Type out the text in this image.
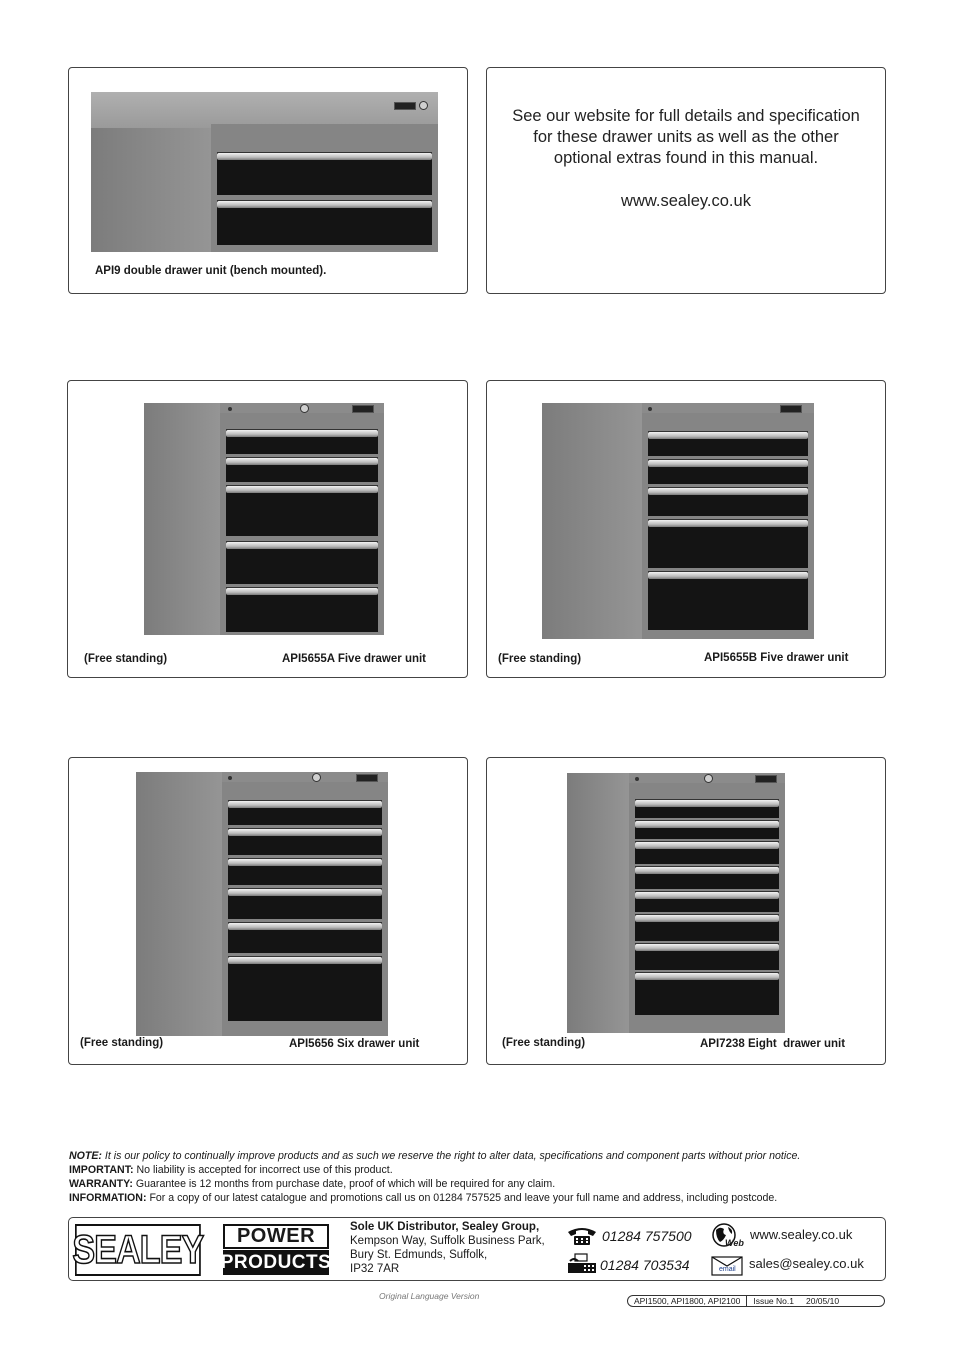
API9 double drawer unit (bench mounted).
See our website for full details and specification
for these drawer units as well as the other
optional extras found in this manual.
www.sealey.co.uk
(Free standing)	API5655A Five drawer unit	(Free standing)	API5655B Five drawer unit
(Free standing)	API5656 Six drawer unit	(Free standing)	API7238 Eight  drawer unit
NOTE: It is our policy to continually improve products and as such we reserve the right to alter data, specifications and component parts without prior notice.
IMPORTANT: No liability is accepted for incorrect use of this product.
WARRANTY: Guarantee is 12 months from purchase date, proof of which will be required for any claim.
INFORMATION: For a copy of our latest catalogue and promotions call us on 01284 757525 and leave your full name and address, including postcode.
SEALEY	POWER
PRODUCTS
Sole UK Distributor, Sealey Group,
Kempson Way, Suffolk Business Park,
Bury St. Edmunds, Suffolk,
IP32 7AR
01284 757500
01284 703534
Web
www.sealey.co.uk
email sales@sealey.co.uk
Original Language Version	API1500, API1800, API2100	Issue No.1	20/05/10
